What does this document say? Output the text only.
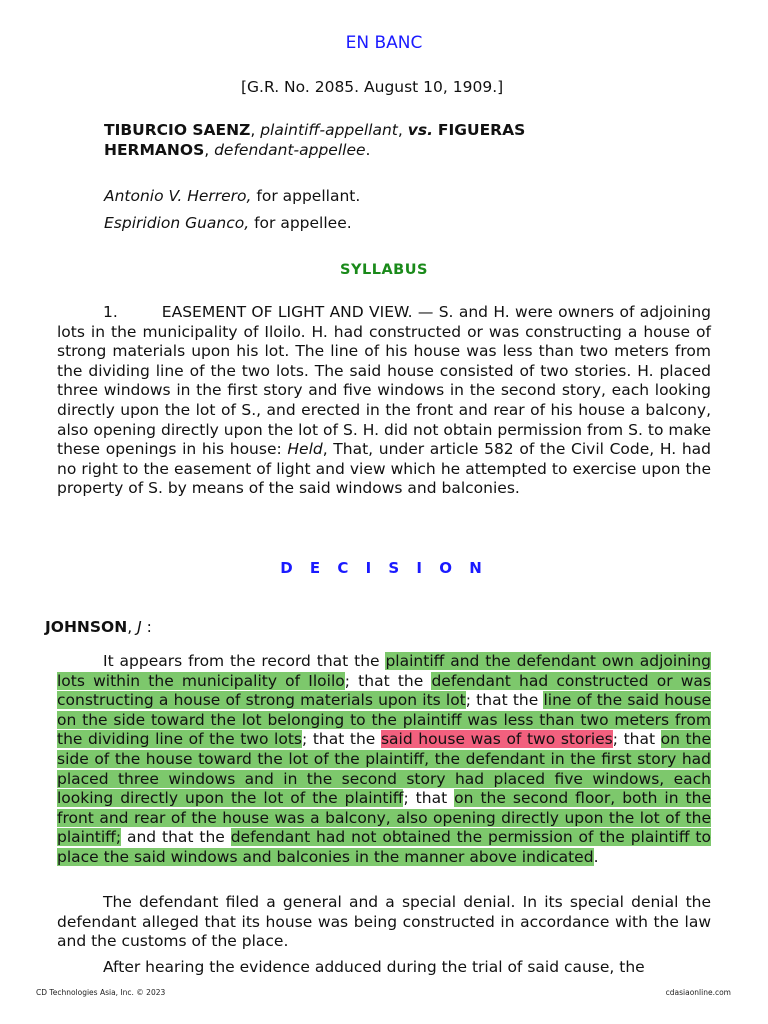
EN BANC
[G.R. No. 2085. August 10, 1909.]
TIBURCIO SAENZ, plaintiff-appellant, vs. FIGUERAS
HERMANOS, defendant-appellee.
Antonio V. Herrero, for appellant.
Espiridion Guanco, for appellee.
SYLLABUS
1.	EASEMENT OF LIGHT AND VIEW. — S. and H. were owners of adjoining lots in the municipality of Iloilo. H. had constructed or was constructing a house of strong materials upon his lot. The line of his house was less than two meters from the dividing line of the two lots. The said house consisted of two stories. H. placed three windows in the first story and five windows in the second story, each looking directly upon the lot of S., and erected in the front and rear of his house a balcony, also opening directly upon the lot of S. H. did not obtain permission from S. to make these openings in his house: Held, That, under article 582 of the Civil Code, H. had no right to the easement of light and view which he attempted to exercise upon the property of S. by means of the said windows and balconies.
D E C I S I O N
JOHNSON, J :
It appears from the record that the plaintiff and the defendant own adjoining lots within the municipality of Iloilo; that the defendant had constructed or was constructing a house of strong materials upon its lot; that the line of the said house on the side toward the lot belonging to the plaintiff was less than two meters from the dividing line of the two lots; that the said house was of two stories; that on the side of the house toward the lot of the plaintiff, the defendant in the first story had placed three windows and in the second story had placed five windows, each looking directly upon the lot of the plaintiff; that on the second floor, both in the front and rear of the house was a balcony, also opening directly upon the lot of the plaintiff; and that the defendant had not obtained the permission of the plaintiff to place the said windows and balconies in the manner above indicated.
The defendant filed a general and a special denial. In its special denial the defendant alleged that its house was being constructed in accordance with the law and the customs of the place.
After hearing the evidence adduced during the trial of said cause, the
CD Technologies Asia, Inc. © 2023	cdasiaonline.com
